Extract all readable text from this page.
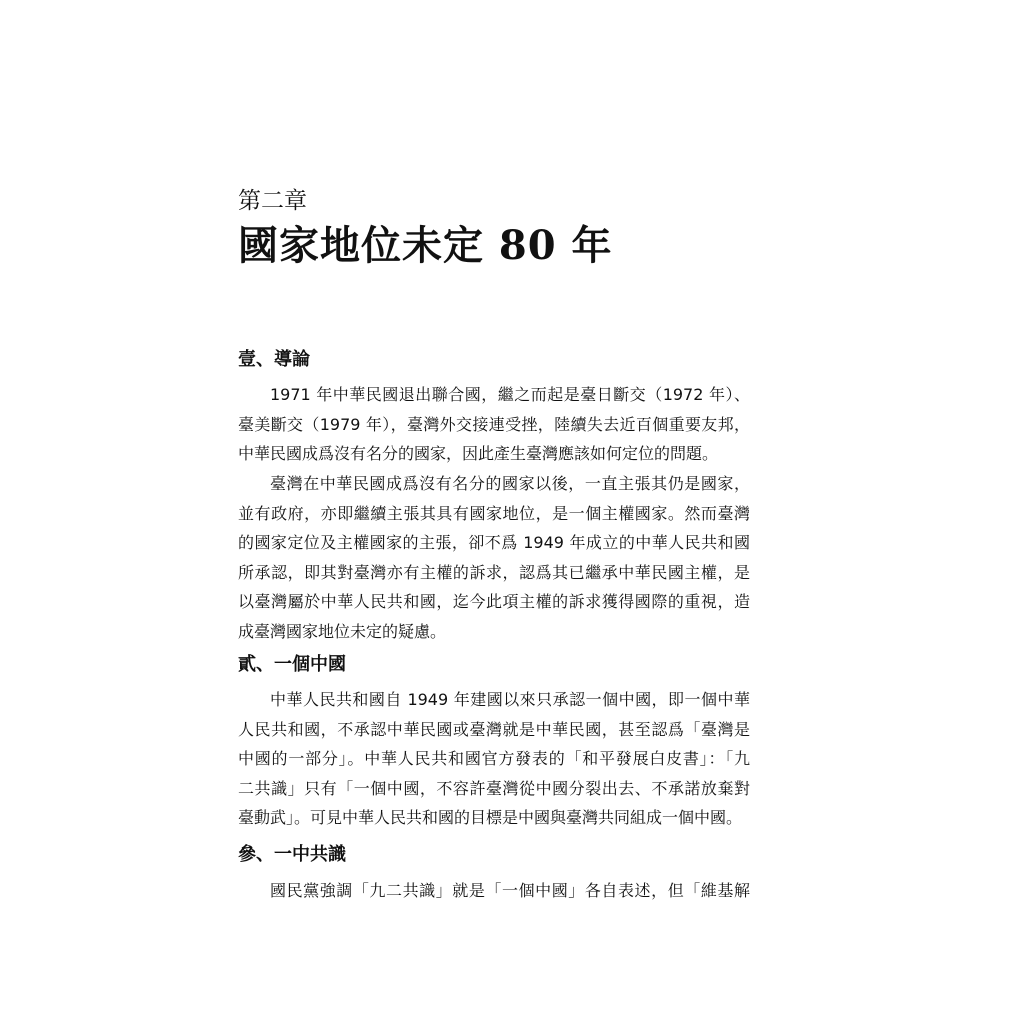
第二章
國家地位未定 80 年
壹、導論
1971 年中華民國退出聯合國，繼之而起是臺日斷交（1972 年）、
臺美斷交（1979 年），臺灣外交接連受挫，陸續失去近百個重要友邦，
中華民國成爲沒有名分的國家，因此產生臺灣應該如何定位的問題。
臺灣在中華民國成爲沒有名分的國家以後，一直主張其仍是國家，
並有政府，亦即繼續主張其具有國家地位，是一個主權國家。然而臺灣
的國家定位及主權國家的主張，卻不爲 1949 年成立的中華人民共和國
所承認，即其對臺灣亦有主權的訴求，認爲其已繼承中華民國主權，是
以臺灣屬於中華人民共和國，迄今此項主權的訴求獲得國際的重視，造
成臺灣國家地位未定的疑慮。
貳、一個中國
中華人民共和國自 1949 年建國以來只承認一個中國，即一個中華
人民共和國，不承認中華民國或臺灣就是中華民國，甚至認爲「臺灣是
中國的一部分」。中華人民共和國官方發表的「和平發展白皮書」：「九
二共識」只有「一個中國，不容許臺灣從中國分裂出去、不承諾放棄對
臺動武」。可見中華人民共和國的目標是中國與臺灣共同組成一個中國。
參、一中共識
國民黨強調「九二共識」就是「一個中國」各自表述，但「維基解
